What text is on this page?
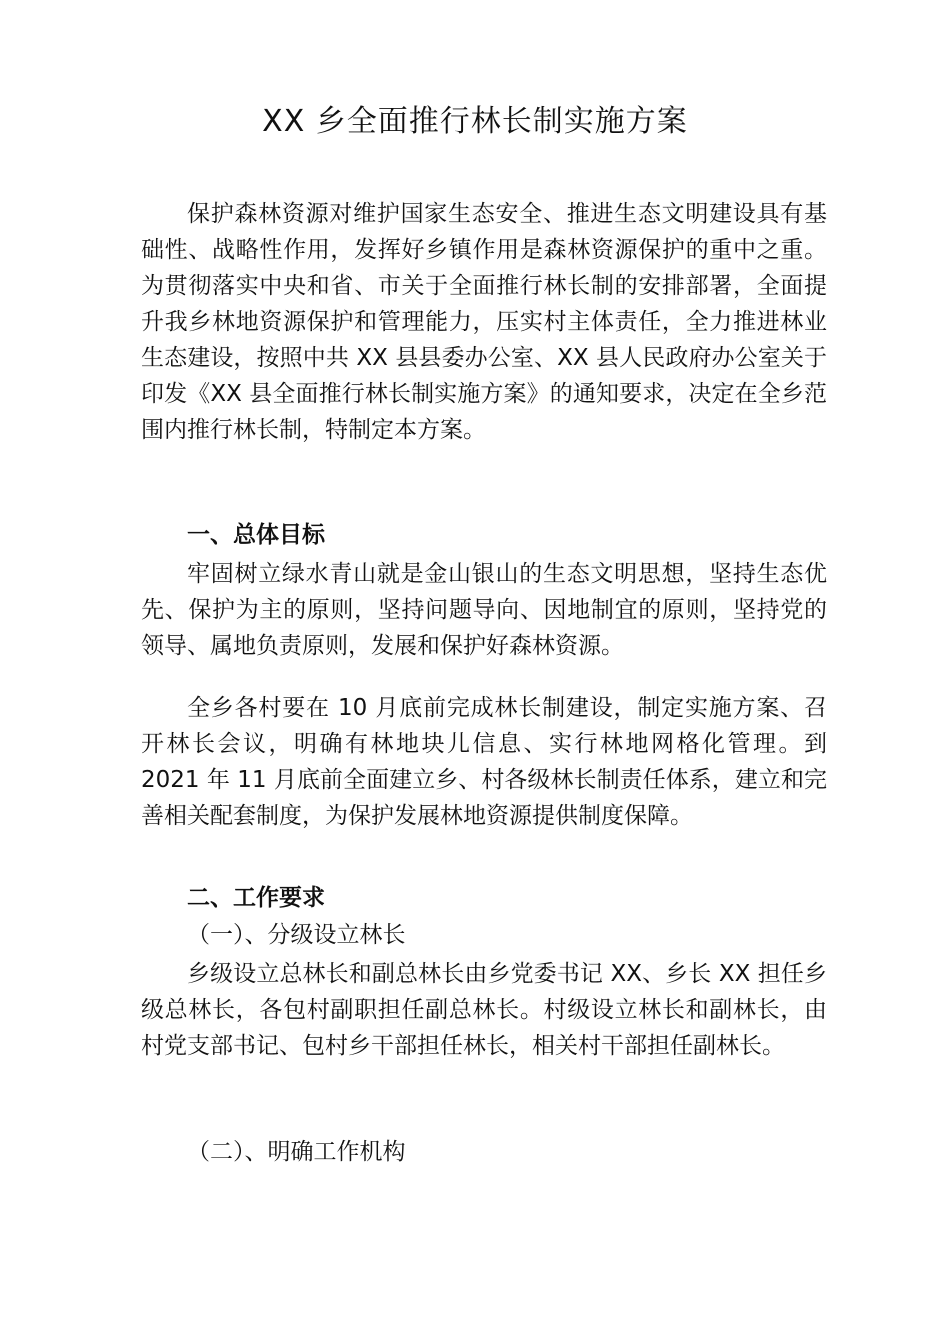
XX 乡全面推行林长制实施方案

保护森林资源对维护国家生态安全、推进生态文明建设具有基础性、战略性作用，发挥好乡镇作用是森林资源保护的重中之重。为贯彻落实中央和省、市关于全面推行林长制的安排部署，全面提升我乡林地资源保护和管理能力，压实村主体责任，全力推进林业生态建设，按照中共 XX 县县委办公室、XX 县人民政府办公室关于印发《XX 县全面推行林长制实施方案》的通知要求，决定在全乡范围内推行林长制，特制定本方案。

一、总体目标

牢固树立绿水青山就是金山银山的生态文明思想，坚持生态优先、保护为主的原则，坚持问题导向、因地制宜的原则，坚持党的领导、属地负责原则，发展和保护好森林资源。

全乡各村要在 10 月底前完成林长制建设，制定实施方案、召开林长会议，明确有林地块儿信息、实行林地网格化管理。到 2021 年 11 月底前全面建立乡、村各级林长制责任体系，建立和完善相关配套制度，为保护发展林地资源提供制度保障。

二、工作要求
（一）、分级设立林长

乡级设立总林长和副总林长由乡党委书记 XX、乡长 XX 担任乡级总林长，各包村副职担任副总林长。村级设立林长和副林长，由村党支部书记、包村乡干部担任林长，相关村干部担任副林长。

（二）、明确工作机构
